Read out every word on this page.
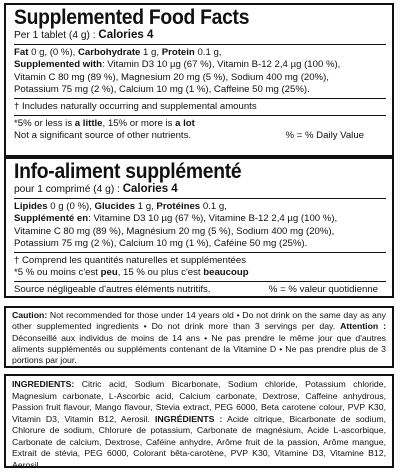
Supplemented Food Facts
Per 1 tablet (4 g) : Calories 4
Fat 0 g, (0 %), Carbohydrate 1 g, Protein 0.1 g,
Supplemented with: Vitamin D3 10 µg (67 %), Vitamin B-12 2,4 µg (100 %),
Vitamin C 80 mg (89 %), Magnesium 20 mg (5 %), Sodium 400 mg (20%),
Potassium 75 mg (2 %), Calcium 10 mg (1 %), Caffeine 50 mg (25%).
† Includes naturally occurring and supplemental amounts
*5% or less is a little, 15% or more is a lot
Not a significant source of other nutrients.	% = % Daily Value
Info-aliment supplémenté
pour 1 comprimé (4 g) : Calories 4
Lipides 0 g (0 %), Glucides 1 g, Protéines 0.1 g,
Supplémenté en: Vitamine D3 10 µg (67 %), Vitamine B-12 2,4 µg (100 %),
Vitamine C 80 mg (89 %), Magnésium 20 mg (5 %), Sodium 400 mg (20%),
Potassium 75 mg (2 %), Calcium 10 mg (1 %), Caféine 50 mg (25%).
† Comprend les quantités naturelles et supplémentées
*5 % ou moins c'est peu, 15 % ou plus c'est beaucoup
Source négligeable d'autres éléments nutritifs.	% = % valeur quotidienne
Caution: Not recommended for those under 14 years old • Do not drink on the same day as any other supplemented ingredients • Do not drink more than 3 servings per day. Attention : Déconseillé aux individus de moins de 14 ans • Ne pas prendre le même jour que d'autres aliments supplémentés ou suppléments contenant de la Vitamine D • Ne pas prendre plus de 3 portions par jour.
INGREDIENTS: Citric acid, Sodium Bicarbonate, Sodium chloride, Potassium chloride, Magnesium carbonate, L-Ascorbic acid, Calcium carbonate, Dextrose, Caffeine anhydrous, Passion fruit flavour, Mango flavour, Stevia extract, PEG 6000, Beta carotene colour, PVP K30, Vitamin D3, Vitamin B12, Aerosil. INGRÉDIENTS : Acide citrique, Bicarbonate de sodium, Chlorure de sodium, Chlorure de potassium, Carbonate de magnésium, Acide L-ascorbique, Carbonate de calcium, Dextrose, Caféine anhydre, Arôme fruit de la passion, Arôme mangue, Extrait de stévia, PEG 6000, Colorant bêta-carotène, PVP K30, Vitamine D3, Vitamine B12, Aerosil.
